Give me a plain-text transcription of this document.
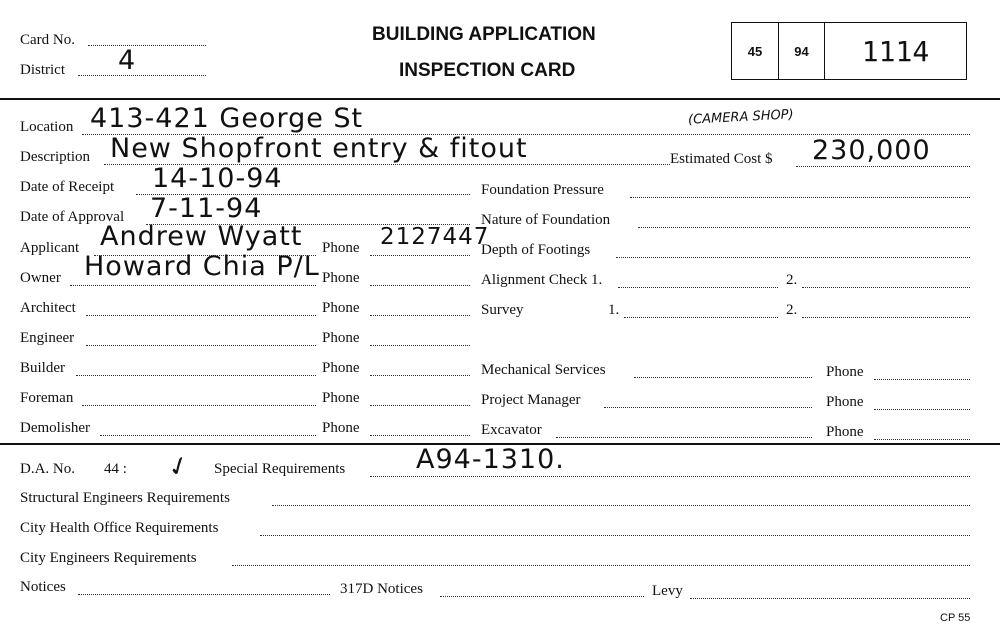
Card No.
District 4
BUILDING APPLICATION
INSPECTION CARD
45	94	1114
Location 413-421 George St	(CAMERA SHOP)
Description New Shopfront entry & fitout	Estimated Cost $ 230,000
Date of Receipt 14-10-94
Date of Approval 7-11-94
Applicant Andrew Wyatt Phone 2127447
Owner Howard Chia P/L Phone
Architect	Phone
Engineer	Phone
Builder	Phone
Foreman	Phone
Demolisher	Phone
Foundation Pressure
Nature of Foundation
Depth of Footings
Alignment Check 1.	2.
Survey	1.	2.
Mechanical Services	Phone
Project Manager	Phone
Excavator	Phone
D.A. No. 44 : ✓ Special Requirements	A94-1310.
Structural Engineers Requirements
City Health Office Requirements
City Engineers Requirements
Notices	317D Notices	Levy
CP 55
